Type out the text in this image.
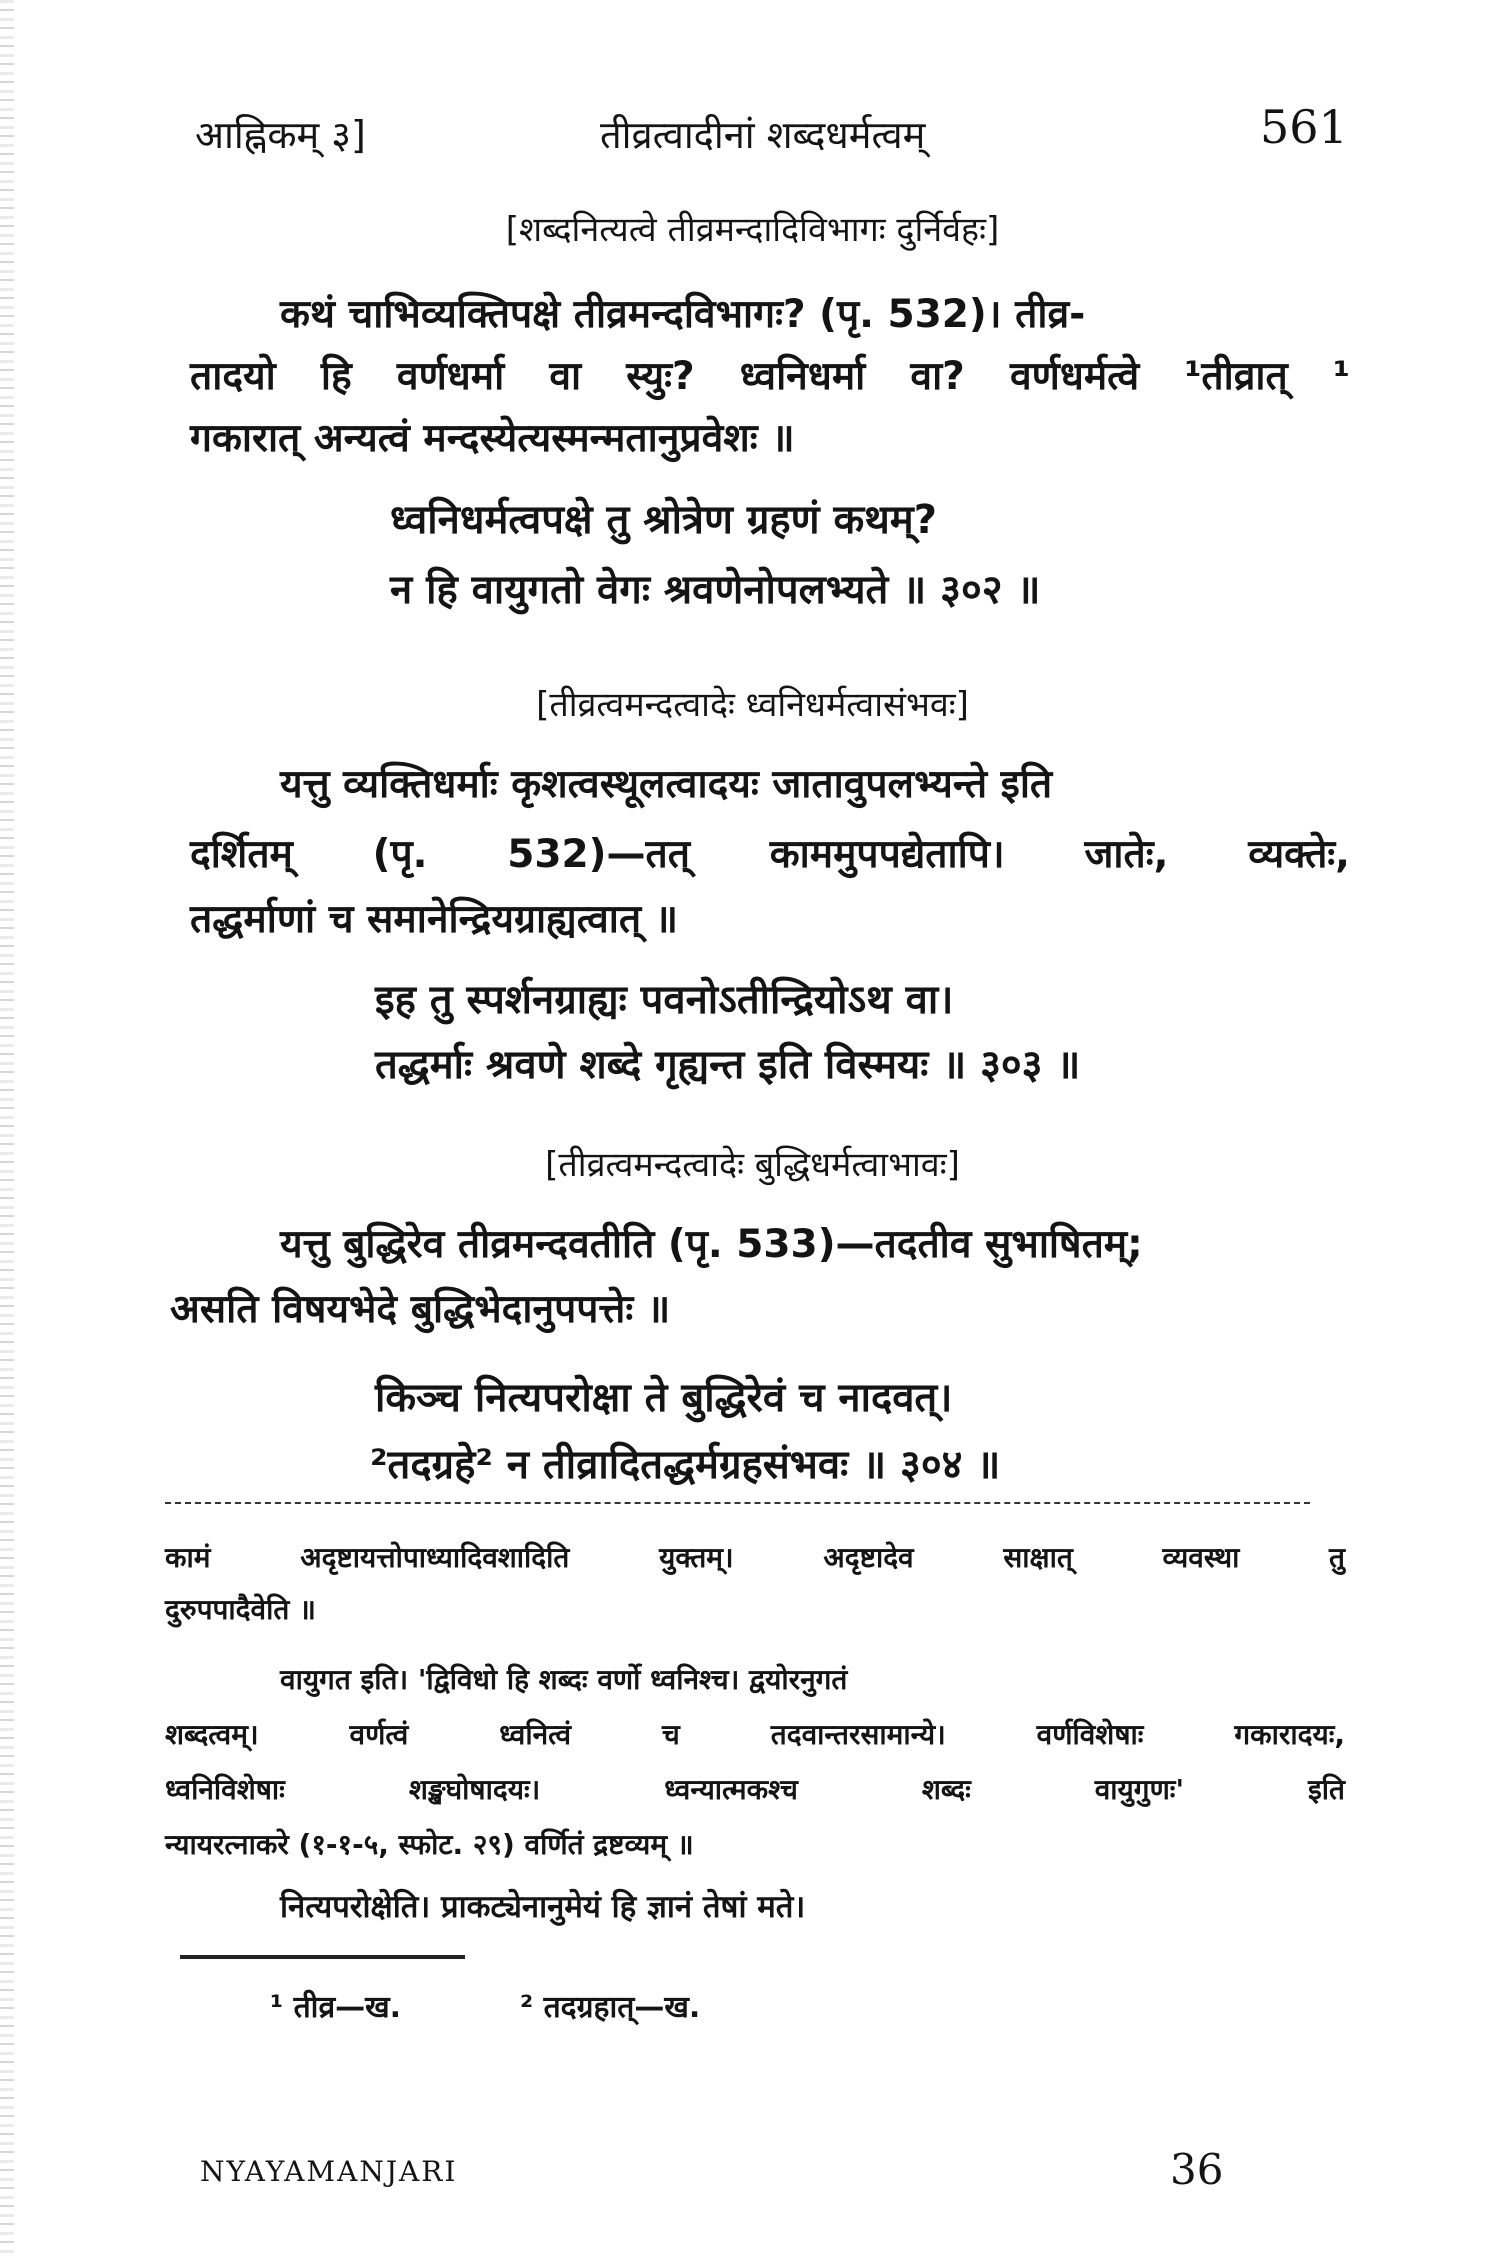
आह्निकम् ३]	तीव्रत्वादीनां शब्दधर्मत्वम्	561
[शब्दनित्यत्वे तीव्रमन्दादिविभागः दुर्निर्वहः]
कथं चाभिव्यक्तिपक्षे तीव्रमन्दविभागः? (पृ. 532)। तीव्र-
तादयो हि वर्णधर्मा वा स्युः? ध्वनिधर्मा वा? वर्णधर्मत्वे ¹तीव्रात् ¹
गकारात् अन्यत्वं मन्दस्येत्यस्मन्मतानुप्रवेशः ॥
ध्वनिधर्मत्वपक्षे तु श्रोत्रेण ग्रहणं कथम्?
न हि वायुगतो वेगः श्रवणेनोपलभ्यते ॥ ३०२ ॥
[तीव्रत्वमन्दत्वादेः ध्वनिधर्मत्वासंभवः]
यत्तु व्यक्तिधर्माः कृशत्वस्थूलत्वादयः जातावुपलभ्यन्ते इति
दर्शितम् (पृ. 532)—तत् काममुपपद्येतापि। जातेः, व्यक्तेः,
तद्धर्माणां च समानेन्द्रियग्राह्यत्वात् ॥
इह तु स्पर्शनग्राह्यः पवनोऽतीन्द्रियोऽथ वा।
तद्धर्माः श्रवणे शब्दे गृह्यन्त इति विस्मयः ॥ ३०३ ॥
[तीव्रत्वमन्दत्वादेः बुद्धिधर्मत्वाभावः]
यत्तु बुद्धिरेव तीव्रमन्दवतीति (पृ. 533)—तदतीव सुभाषितम्;
असति विषयभेदे बुद्धिभेदानुपपत्तेः ॥
किञ्च नित्यपरोक्षा ते बुद्धिरेवं च नादवत्।
²तदग्रहे² न तीव्रादितद्धर्मग्रहसंभवः ॥ ३०४ ॥
कामं अदृष्टायत्तोपाध्यादिवशादिति युक्तम्। अदृष्टादेव साक्षात् व्यवस्था तु
दुरुपपादैवेति ॥
वायुगत इति। 'द्विविधो हि शब्दः वर्णो ध्वनिश्च। द्वयोरनुगतं
शब्दत्वम्। वर्णत्वं ध्वनित्वं च तदवान्तरसामान्ये। वर्णविशेषाः गकारादयः,
ध्वनिविशेषाः शङ्खघोषादयः। ध्वन्यात्मकश्च शब्दः वायुगुणः' इति
न्यायरत्नाकरे (१-१-५, स्फोट. २९) वर्णितं द्रष्टव्यम् ॥
नित्यपरोक्षेति। प्राकट्येनानुमेयं हि ज्ञानं तेषां मते।
¹ तीव्र—ख.	² तदग्रहात्—ख.
NYAYAMANJARI	36
